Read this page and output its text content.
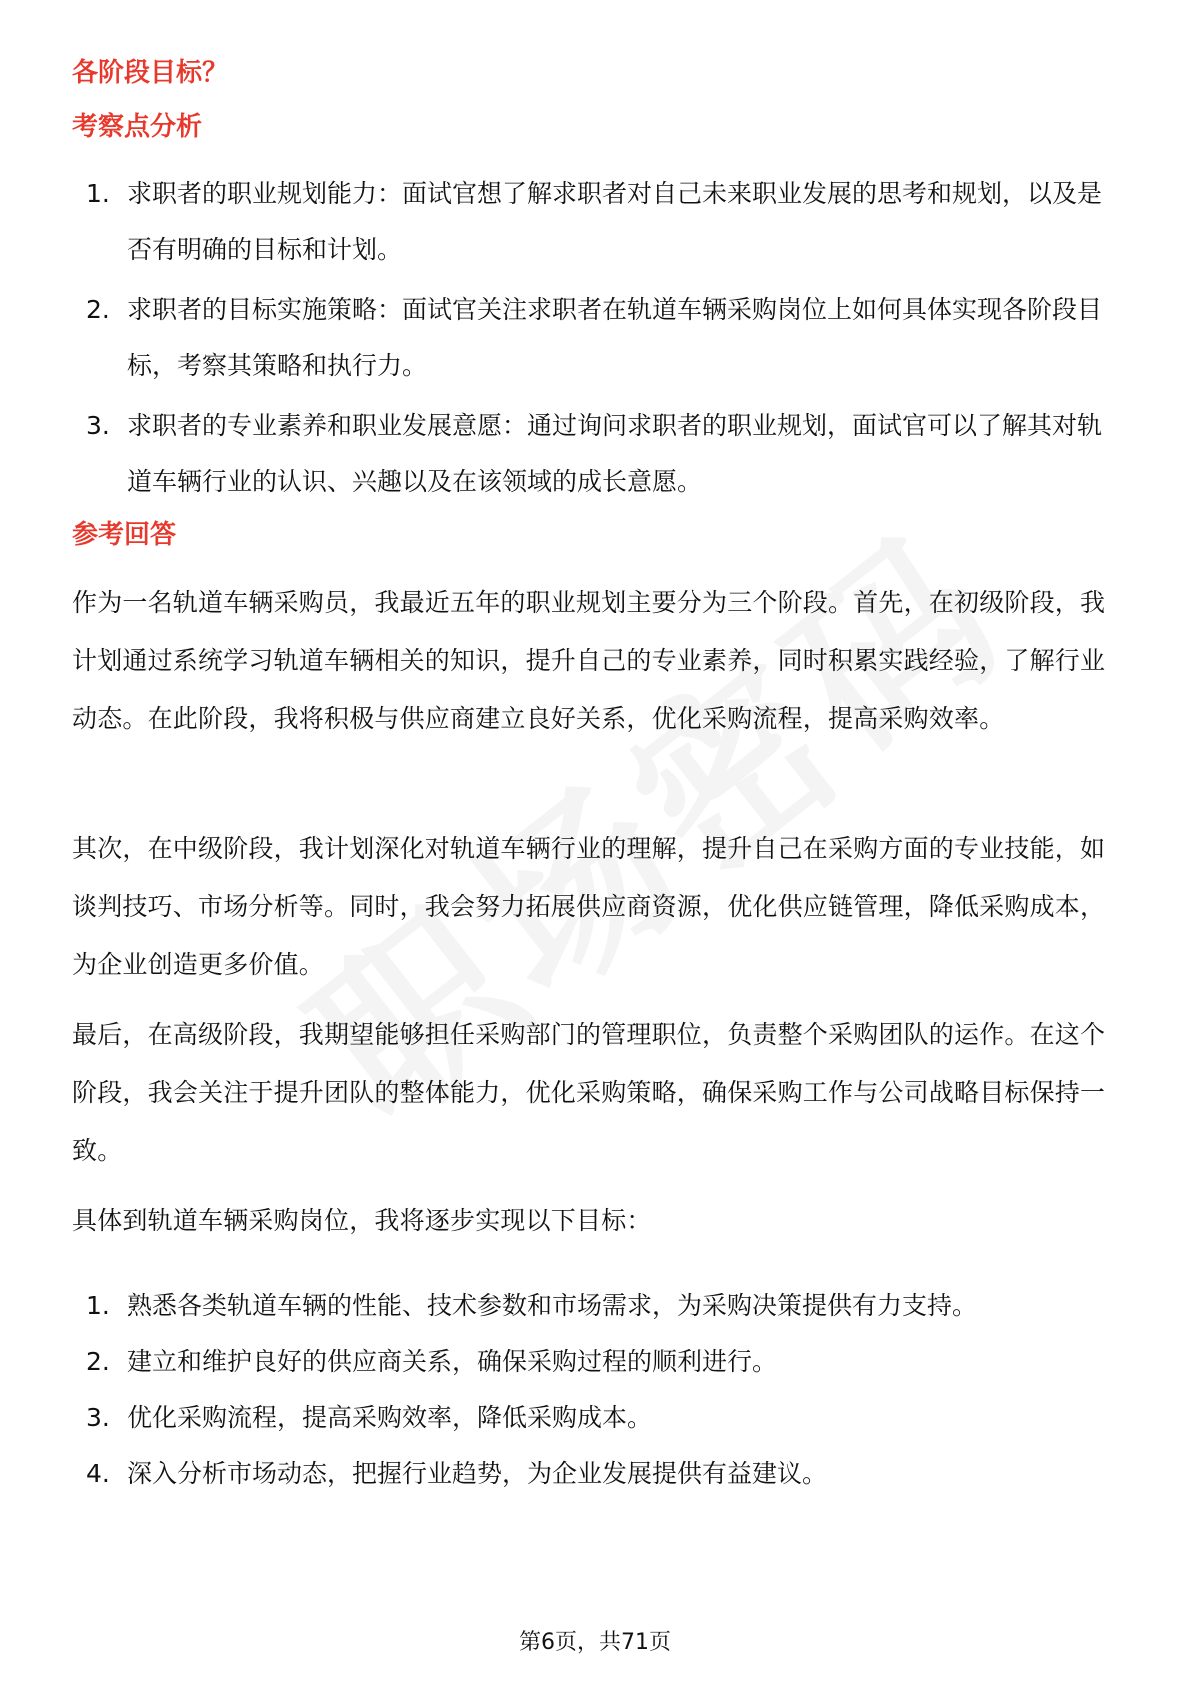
各阶段目标？
考察点分析
1. 求职者的职业规划能力：面试官想了解求职者对自己未来职业发展的思考和规划，以及是否有明确的目标和计划。
2. 求职者的目标实施策略：面试官关注求职者在轨道车辆采购岗位上如何具体实现各阶段目标，考察其策略和执行力。
3. 求职者的专业素养和职业发展意愿：通过询问求职者的职业规划，面试官可以了解其对轨道车辆行业的认识、兴趣以及在该领域的成长意愿。
参考回答
作为一名轨道车辆采购员，我最近五年的职业规划主要分为三个阶段。首先，在初级阶段，我计划通过系统学习轨道车辆相关的知识，提升自己的专业素养，同时积累实践经验，了解行业动态。在此阶段，我将积极与供应商建立良好关系，优化采购流程，提高采购效率。
其次，在中级阶段，我计划深化对轨道车辆行业的理解，提升自己在采购方面的专业技能，如谈判技巧、市场分析等。同时，我会努力拓展供应商资源，优化供应链管理，降低采购成本，为企业创造更多价值。
最后，在高级阶段，我期望能够担任采购部门的管理职位，负责整个采购团队的运作。在这个阶段，我会关注于提升团队的整体能力，优化采购策略，确保采购工作与公司战略目标保持一致。
具体到轨道车辆采购岗位，我将逐步实现以下目标：
1. 熟悉各类轨道车辆的性能、技术参数和市场需求，为采购决策提供有力支持。
2. 建立和维护良好的供应商关系，确保采购过程的顺利进行。
3. 优化采购流程，提高采购效率，降低采购成本。
4. 深入分析市场动态，把握行业趋势，为企业发展提供有益建议。
第6页，共71页
